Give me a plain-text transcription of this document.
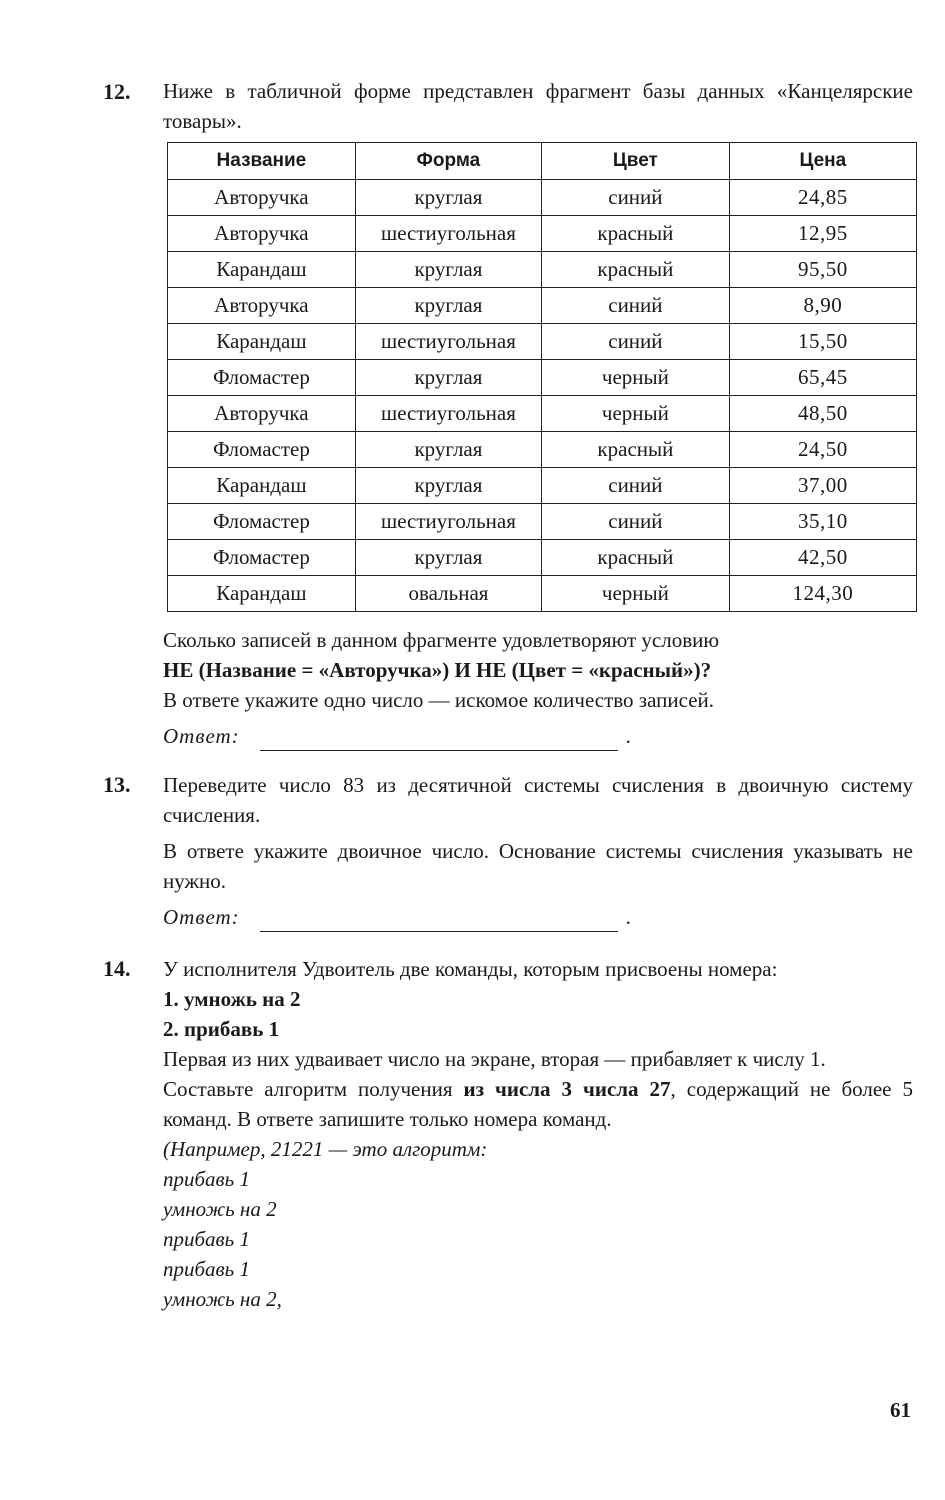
12. Ниже в табличной форме представлен фрагмент базы данных «Канцелярские товары».

Название	Форма	Цвет	Цена
Авторучка	круглая	синий	24,85
Авторучка	шестиугольная	красный	12,95
Карандаш	круглая	красный	95,50
Авторучка	круглая	синий	8,90
Карандаш	шестиугольная	синий	15,50
Фломастер	круглая	черный	65,45
Авторучка	шестиугольная	черный	48,50
Фломастер	круглая	красный	24,50
Карандаш	круглая	синий	37,00
Фломастер	шестиугольная	синий	35,10
Фломастер	круглая	красный	42,50
Карандаш	овальная	черный	124,30

Сколько записей в данном фрагменте удовлетворяют условию

НЕ (Название = «Авторучка») И НЕ (Цвет = «красный»)?

В ответе укажите одно число — искомое количество записей.

Ответ:	.
13. Переведите число 83 из десятичной системы счисления в двоичную систему счисления.

В ответе укажите двоичное число. Основание системы счисления указывать не нужно.

Ответ:	.
14. У исполнителя Удвоитель две команды, которым присвоены номера:

1. умножь на 2

2. прибавь 1

Первая из них удваивает число на экране, вторая — прибавляет к числу 1.

Составьте алгоритм получения из числа 3 числа 27, содержащий не более 5 команд. В ответе запишите только номера команд.

(Например, 21221 — это алгоритм:

прибавь 1

умножь на 2

прибавь 1

прибавь 1

умножь на 2,

61
